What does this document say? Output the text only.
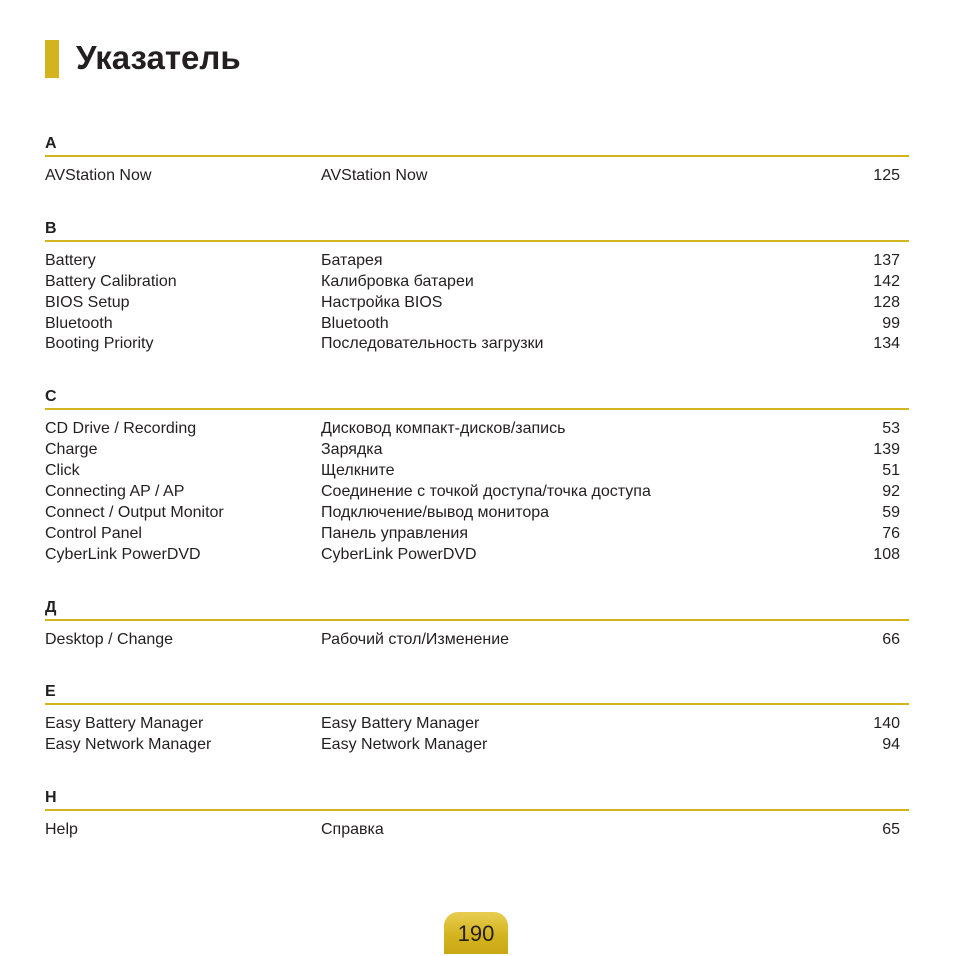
Указатель
A
AVStation Now	AVStation Now	125
B
Battery	Батарея	137
Battery Calibration	Калибровка батареи	142
BIOS Setup	Настройка BIOS	128
Bluetooth	Bluetooth	99
Booting Priority	Последовательность загрузки	134
C
CD Drive / Recording	Дисковод компакт-дисков/запись	53
Charge	Зарядка	139
Click	Щелкните	51
Connecting AP / AP	Соединение с точкой доступа/точка доступа	92
Connect / Output Monitor	Подключение/вывод монитора	59
Control Panel	Панель управления	76
CyberLink PowerDVD	CyberLink PowerDVD	108
Д
Desktop / Change	Рабочий стол/Изменение	66
E
Easy Battery Manager	Easy Battery Manager	140
Easy Network Manager	Easy Network Manager	94
H
Help	Справка	65
190
